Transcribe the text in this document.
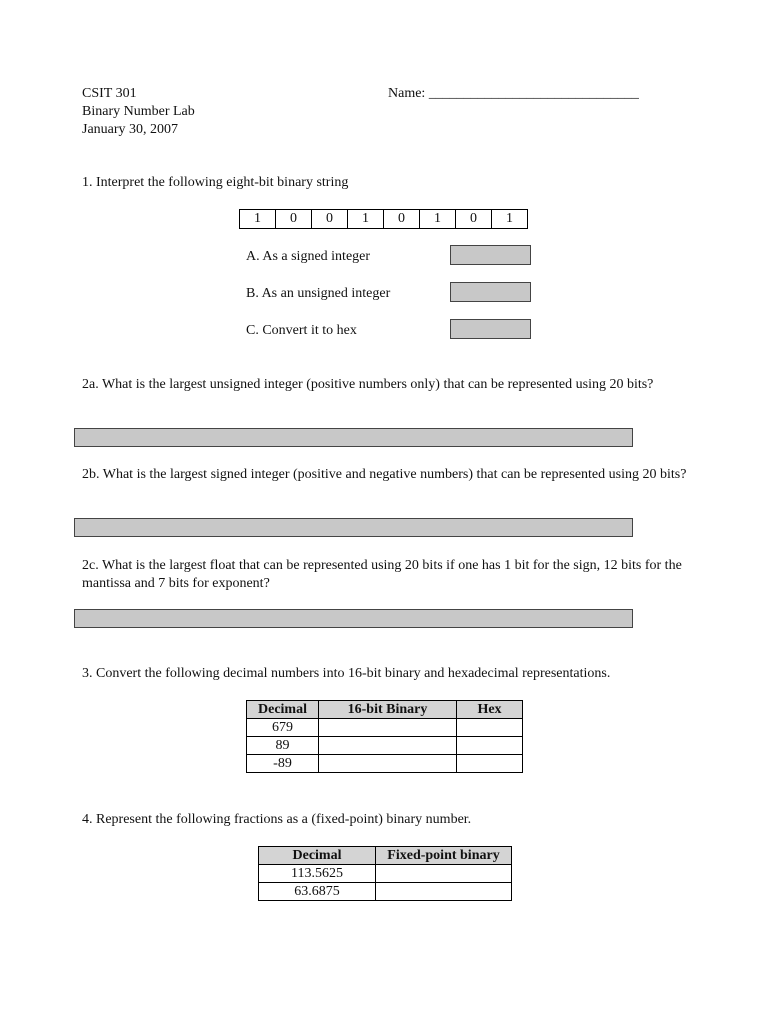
CSIT 301
Binary Number Lab
January 30, 2007
Name: ______________________________
1. Interpret the following eight-bit binary string
1	0	0	1	0	1	0	1
A. As a signed integer
B. As an unsigned integer
C. Convert it to hex
2a. What is the largest unsigned integer (positive numbers only) that can be represented using 20 bits?
2b. What is the largest signed integer (positive and negative numbers) that can be represented using 20 bits?
2c. What is the largest float that can be represented using 20 bits if one has 1 bit for the sign, 12 bits for the mantissa and 7 bits for exponent?
3. Convert the following decimal numbers into 16-bit binary and hexadecimal representations.
Decimal	16-bit Binary	Hex
679		
89		
-89		
4. Represent the following fractions as a (fixed-point) binary number.
Decimal	Fixed-point binary
113.5625	
63.6875	
